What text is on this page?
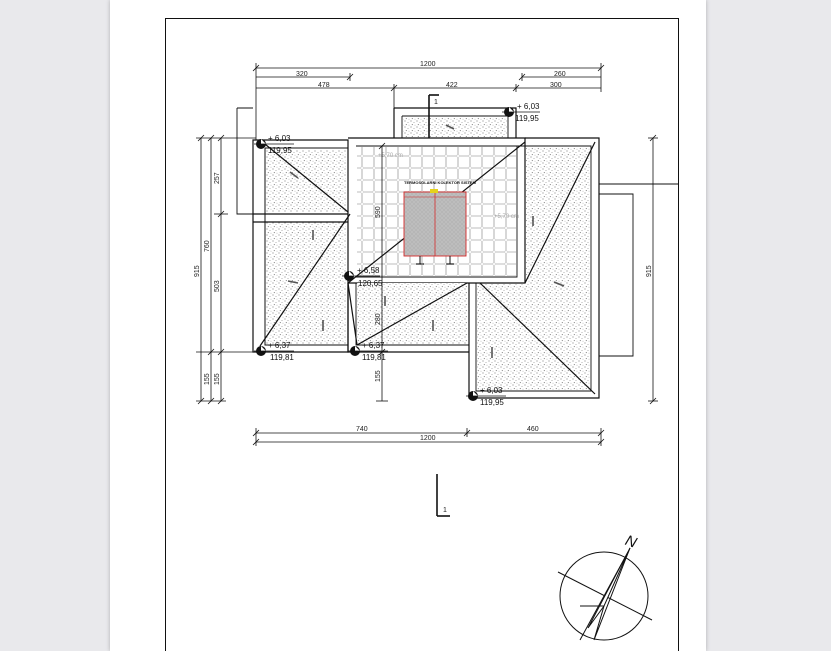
TERMOSOLARNI KOLEKTOR SISTEM
+5,70 cm
+5,70 cm
1
1200
320	260
478	422	300
915
760
257
503
155 155
590
280
155
915
740	460
1200
+ 6,03
119,95
+ 6,03
119,95
+ 6,58
120,65
+ 6,37
119,81
+ 6,37
119,81
+ 6,03
119,95
1
N
